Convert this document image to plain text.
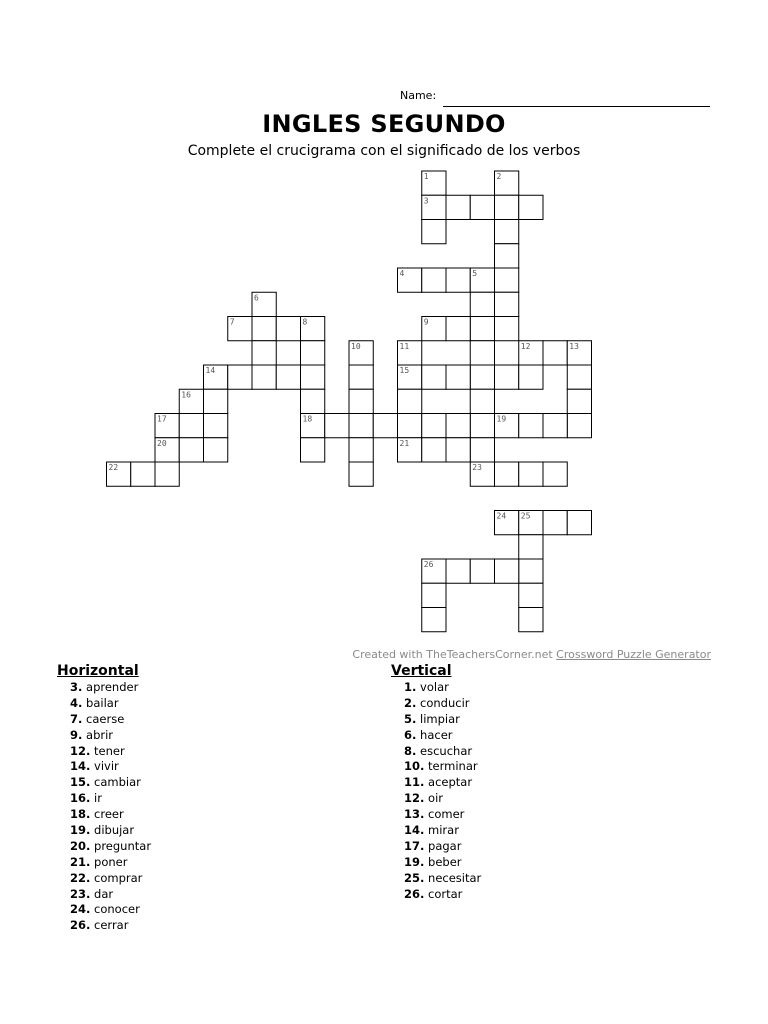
Name:
INGLES SEGUNDO
Complete el crucigrama con el significado de los verbos
1	2
3
4	5
6
7	8	9
10	11	12	13
14	15
16
17	18	19
20	21
22	23
24 25
26
Created with TheTeachersCorner.net Crossword Puzzle Generator
Horizontal
3. aprender
4. bailar
7. caerse
9. abrir
12. tener
14. vivir
15. cambiar
16. ir
18. creer
19. dibujar
20. preguntar
21. poner
22. comprar
23. dar
24. conocer
26. cerrar
Vertical
1. volar
2. conducir
5. limpiar
6. hacer
8. escuchar
10. terminar
11. aceptar
12. oir
13. comer
14. mirar
17. pagar
19. beber
25. necesitar
26. cortar
